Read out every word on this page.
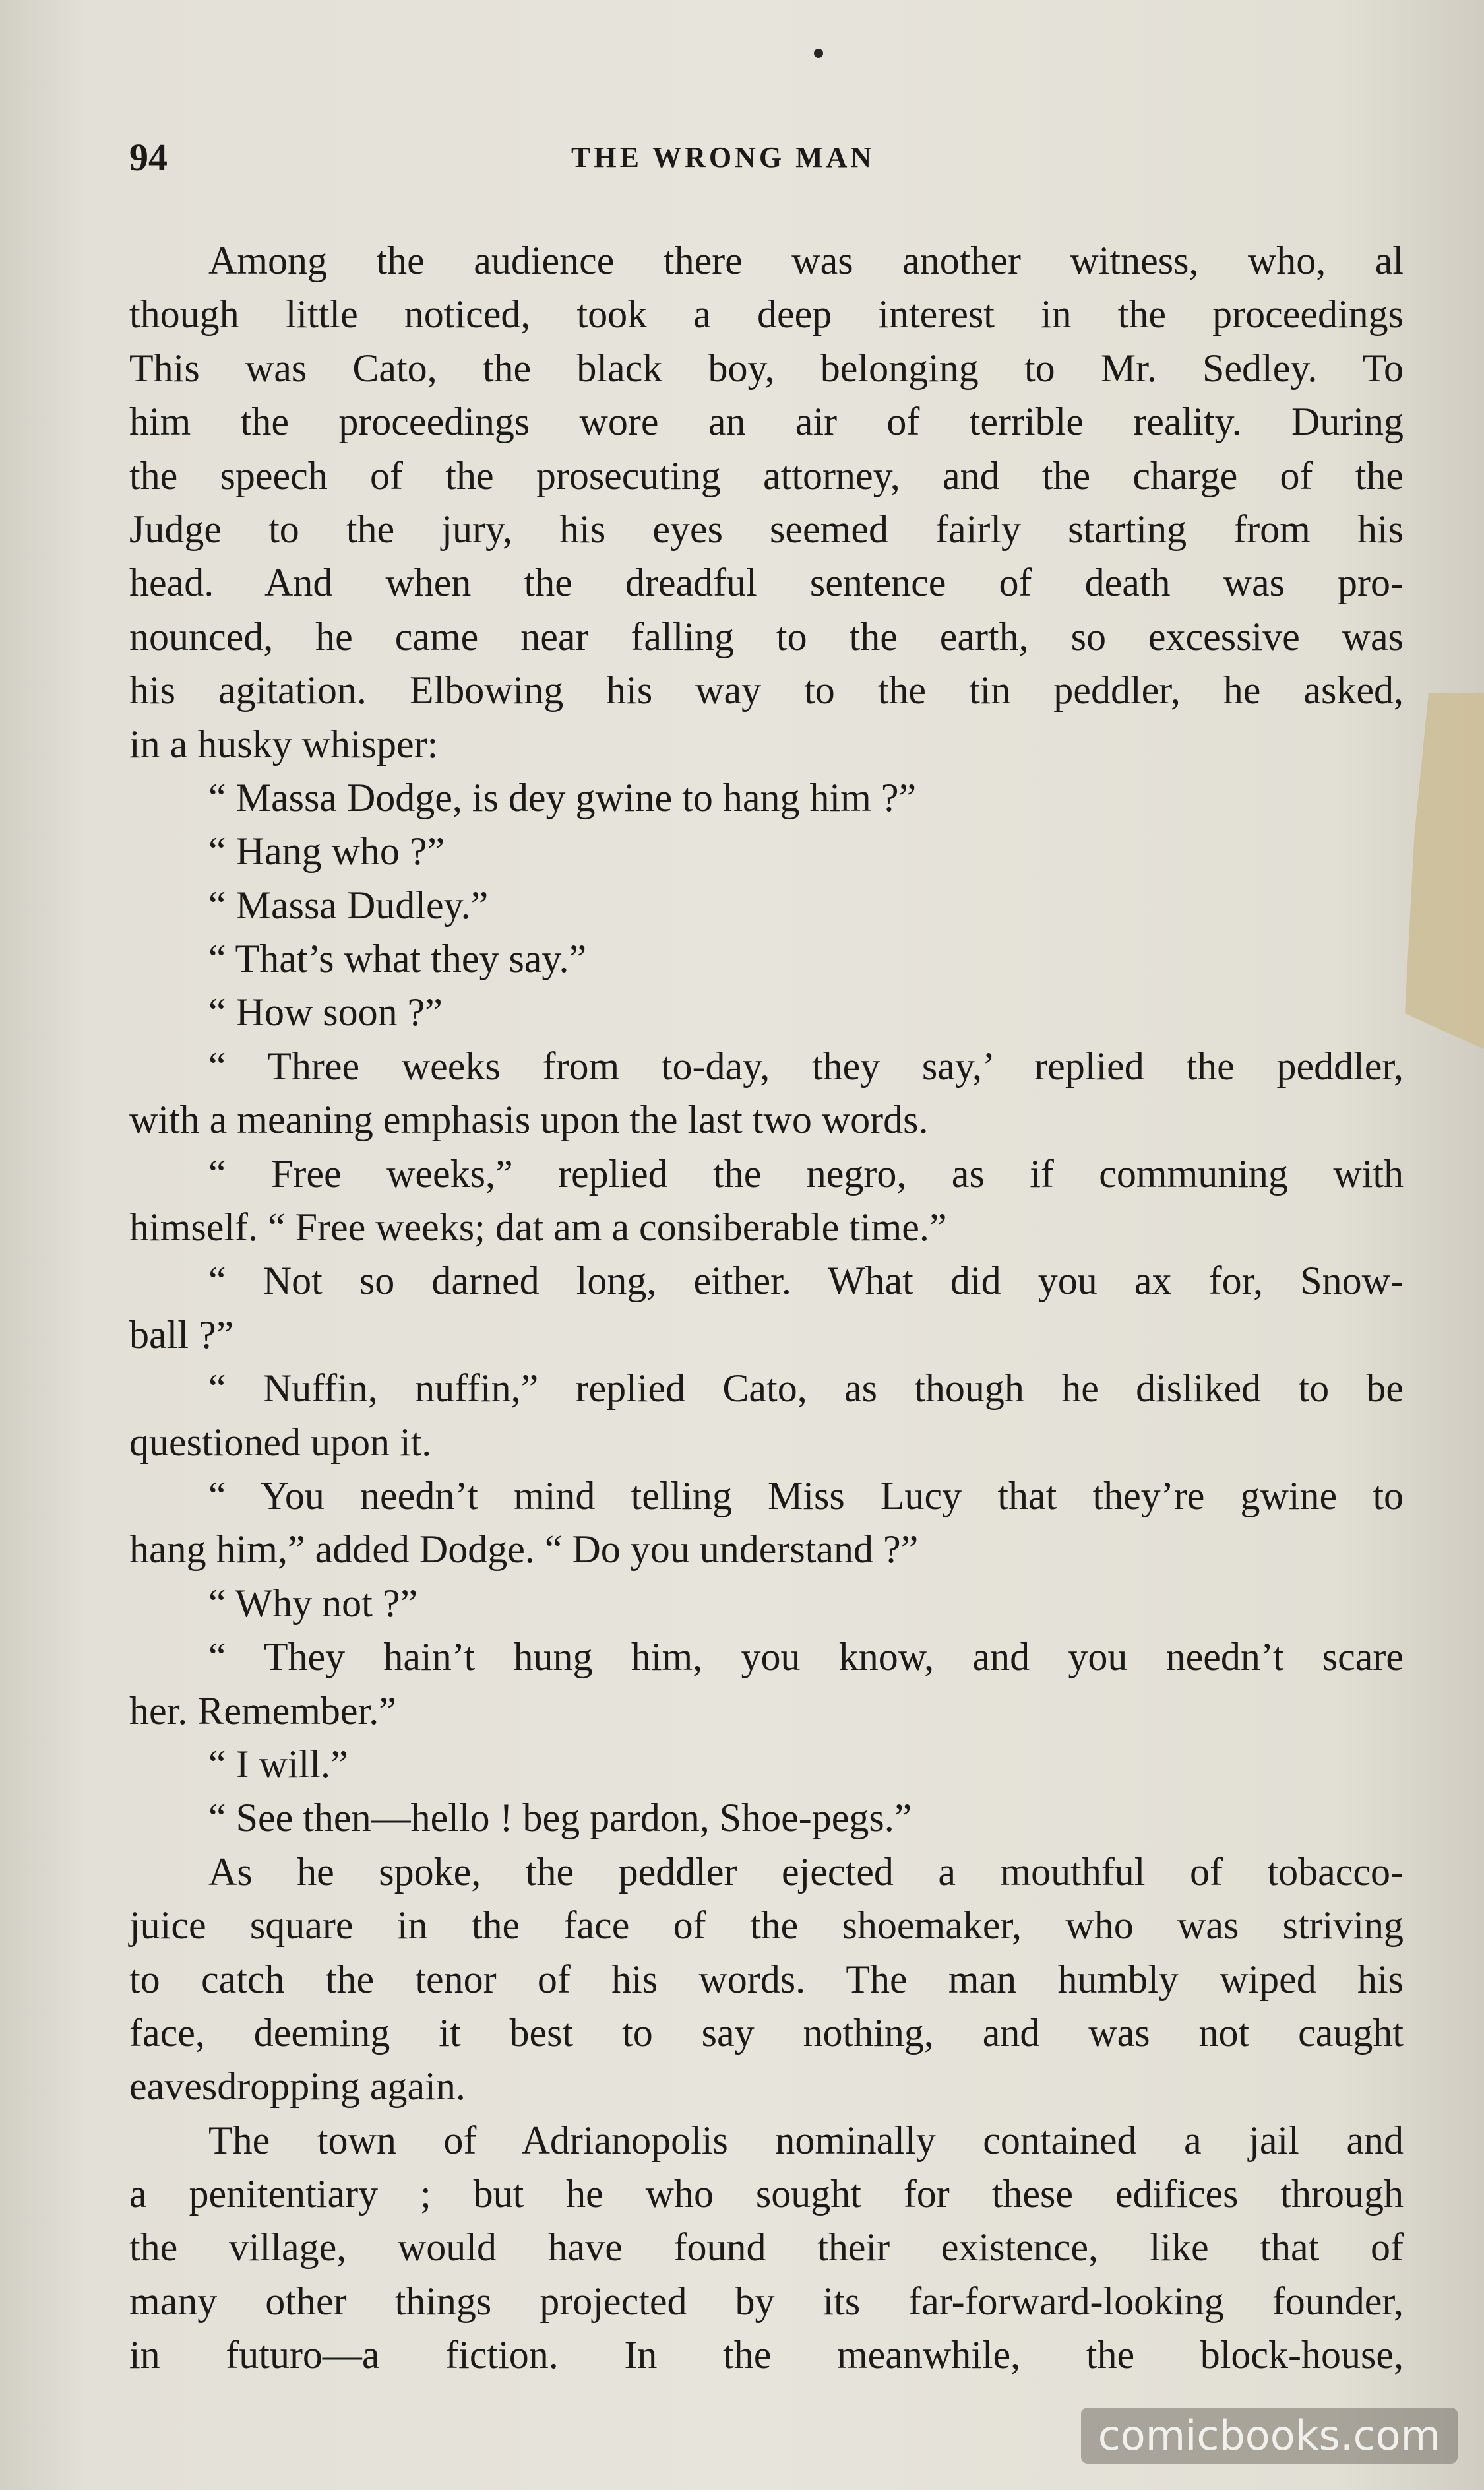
94	THE WRONG MAN
  Among the audience there was another witness, who, al
though little noticed, took a deep interest in the proceedings
This was Cato, the black boy, belonging to Mr. Sedley. To
him the proceedings wore an air of terrible reality. During
the speech of the prosecuting attorney, and the charge of the
Judge to the jury, his eyes seemed fairly starting from his
head. And when the dreadful sentence of death was pro-
nounced, he came near falling to the earth, so excessive was
his agitation. Elbowing his way to the tin peddler, he asked,
in a husky whisper:
  “ Massa Dodge, is dey gwine to hang him ?”
  “ Hang who ?”
  “ Massa Dudley.”
  “ That’s what they say.”
  “ How soon ?”
  “ Three weeks from to-day, they say,’ replied the peddler,
with a meaning emphasis upon the last two words.
  “ Free weeks,” replied the negro, as if communing with
himself. “ Free weeks; dat am a consiberable time.”
  “ Not so darned long, either. What did you ax for, Snow-
ball ?”
  “ Nuffin, nuffin,” replied Cato, as though he disliked to be
questioned upon it.
  “ You needn’t mind telling Miss Lucy that they’re gwine to
hang him,” added Dodge. “ Do you understand ?”
  “ Why not ?”
  “ They hain’t hung him, you know, and you needn’t scare
her. Remember.”
  “ I will.”
  “ See then—hello ! beg pardon, Shoe-pegs.”
  As he spoke, the peddler ejected a mouthful of tobacco-
juice square in the face of the shoemaker, who was striving
to catch the tenor of his words. The man humbly wiped his
face, deeming it best to say nothing, and was not caught
eavesdropping again.
  The town of Adrianopolis nominally contained a jail and
a penitentiary ; but he who sought for these edifices through
the village, would have found their existence, like that of
many other things projected by its far-forward-looking founder,
in futuro—a fiction. In the meanwhile, the block-house,
comicbooks.com
